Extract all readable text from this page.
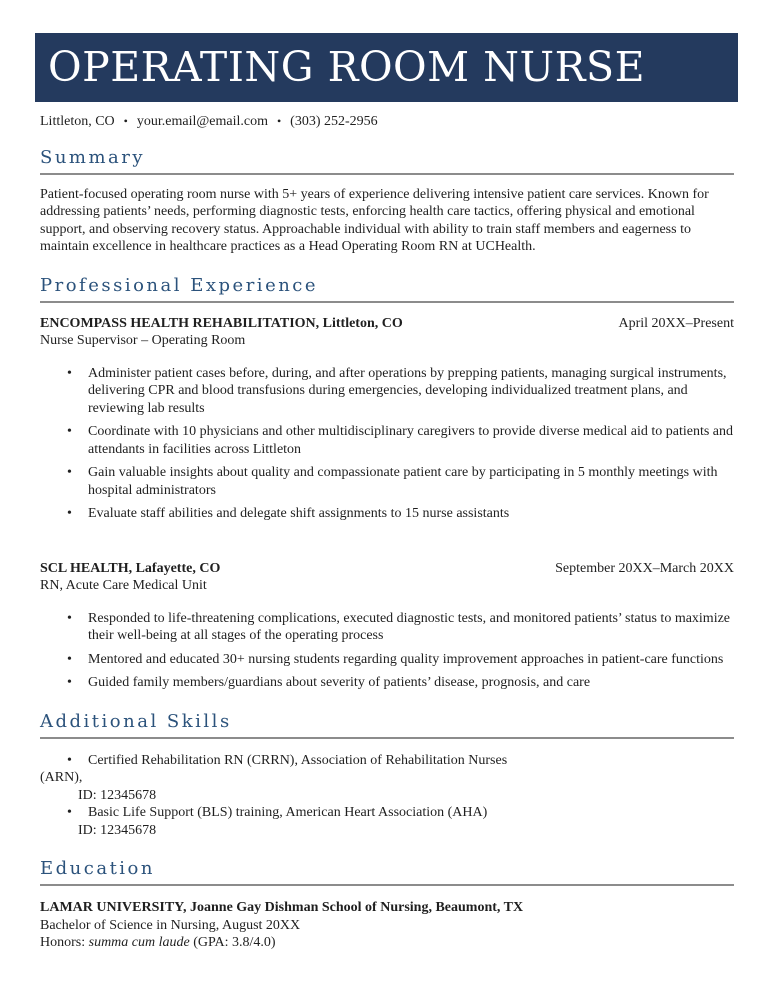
OPERATING ROOM NURSE
Littleton, CO • your.email@email.com • (303) 252-2956
Summary

Patient-focused operating room nurse with 5+ years of experience delivering intensive patient care services. Known for addressing patients’ needs, performing diagnostic tests, enforcing health care tactics, offering physical and emotional support, and observing recovery status. Approachable individual with ability to train staff members and eagerness to maintain excellence in healthcare practices as a Head Operating Room RN at UCHealth.

Professional Experience
ENCOMPASS HEALTH REHABILITATION, Littleton, CO	April 20XX–Present
Nurse Supervisor – Operating Room
• Administer patient cases before, during, and after operations by prepping patients, managing surgical instruments, delivering CPR and blood transfusions during emergencies, developing individualized treatment plans, and reviewing lab results
• Coordinate with 10 physicians and other multidisciplinary caregivers to provide diverse medical aid to patients and attendants in facilities across Littleton
• Gain valuable insights about quality and compassionate patient care by participating in 5 monthly meetings with hospital administrators
• Evaluate staff abilities and delegate shift assignments to 15 nurse assistants
SCL HEALTH, Lafayette, CO	September 20XX–March 20XX
RN, Acute Care Medical Unit
• Responded to life-threatening complications, executed diagnostic tests, and monitored patients’ status to maximize their well-being at all stages of the operating process
• Mentored and educated 30+ nursing students regarding quality improvement approaches in patient-care functions
• Guided family members/guardians about severity of patients’ disease, prognosis, and care
Additional Skills
• Certified Rehabilitation RN (CRRN), Association of Rehabilitation Nurses
(ARN),
ID: 12345678
• Basic Life Support (BLS) training, American Heart Association (AHA)
ID: 12345678
Education
LAMAR UNIVERSITY, Joanne Gay Dishman School of Nursing, Beaumont, TX
Bachelor of Science in Nursing, August 20XX
Honors: summa cum laude (GPA: 3.8/4.0)
